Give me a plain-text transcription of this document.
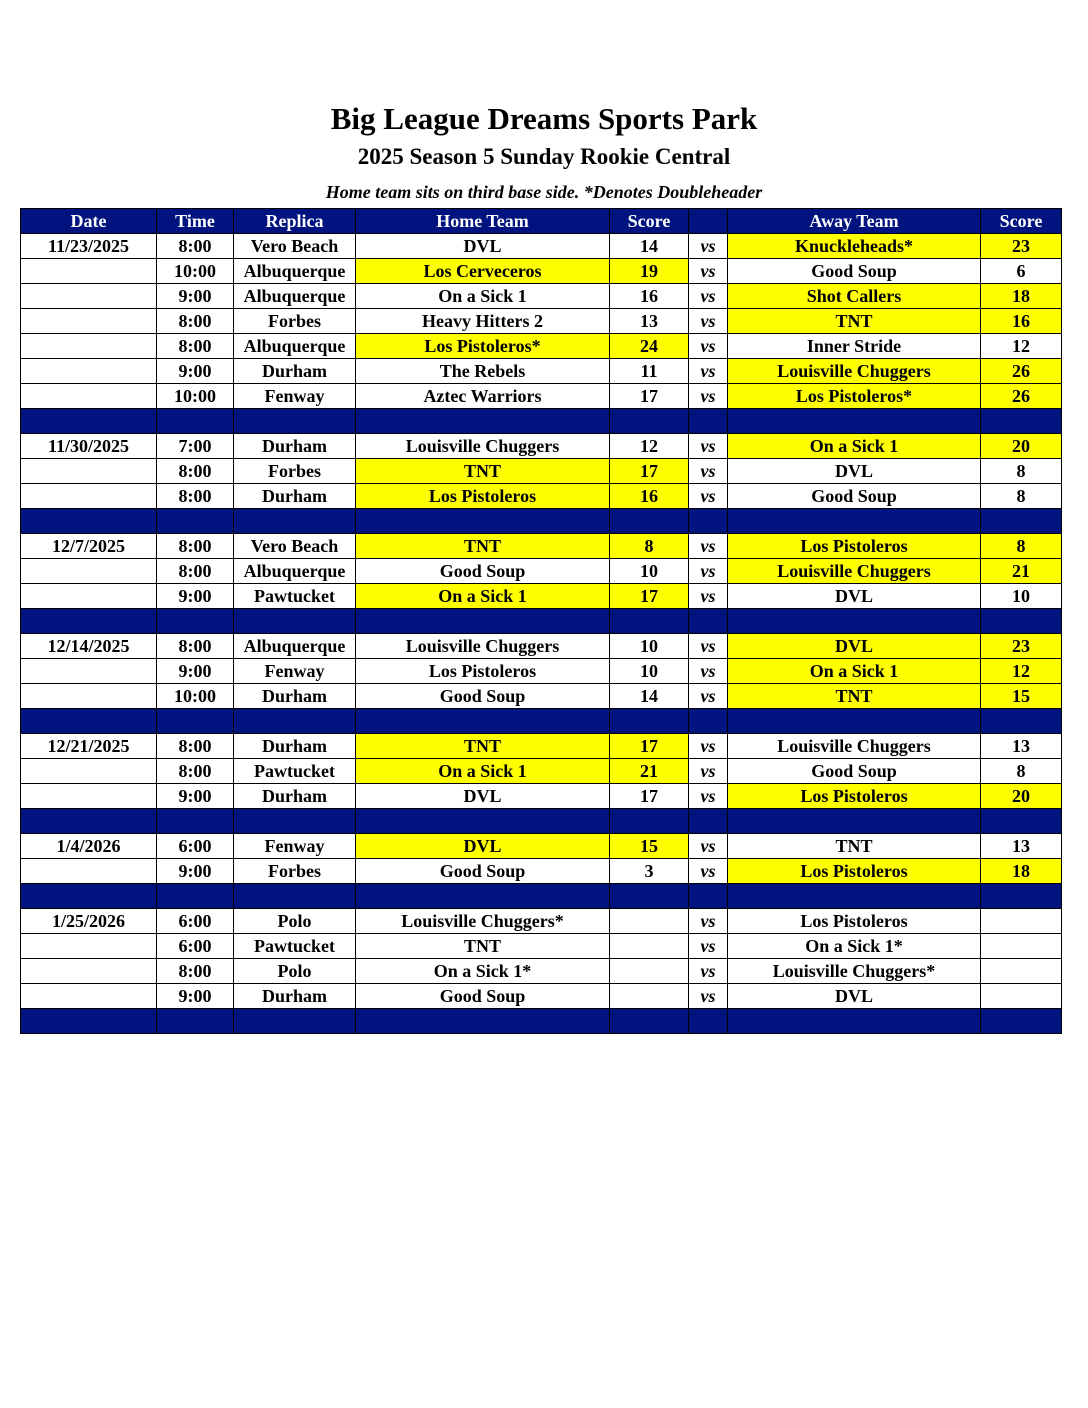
Big League Dreams Sports Park
2025 Season 5 Sunday Rookie Central
Home team sits on third base side. *Denotes Doubleheader
Date	Time	Replica	Home Team	Score		Away Team	Score
11/23/2025	8:00	Vero Beach	DVL	14	vs	Knuckleheads*	23
	10:00	Albuquerque	Los Cerveceros	19	vs	Good Soup	6
	9:00	Albuquerque	On a Sick 1	16	vs	Shot Callers	18
	8:00	Forbes	Heavy Hitters 2	13	vs	TNT	16
	8:00	Albuquerque	Los Pistoleros*	24	vs	Inner Stride	12
	9:00	Durham	The Rebels	11	vs	Louisville Chuggers	26
	10:00	Fenway	Aztec Warriors	17	vs	Los Pistoleros*	26

11/30/2025	7:00	Durham	Louisville Chuggers	12	vs	On a Sick 1	20
	8:00	Forbes	TNT	17	vs	DVL	8
	8:00	Durham	Los Pistoleros	16	vs	Good Soup	8

12/7/2025	8:00	Vero Beach	TNT	8	vs	Los Pistoleros	8
	8:00	Albuquerque	Good Soup	10	vs	Louisville Chuggers	21
	9:00	Pawtucket	On a Sick 1	17	vs	DVL	10

12/14/2025	8:00	Albuquerque	Louisville Chuggers	10	vs	DVL	23
	9:00	Fenway	Los Pistoleros	10	vs	On a Sick 1	12
	10:00	Durham	Good Soup	14	vs	TNT	15

12/21/2025	8:00	Durham	TNT	17	vs	Louisville Chuggers	13
	8:00	Pawtucket	On a Sick 1	21	vs	Good Soup	8
	9:00	Durham	DVL	17	vs	Los Pistoleros	20

1/4/2026	6:00	Fenway	DVL	15	vs	TNT	13
	9:00	Forbes	Good Soup	3	vs	Los Pistoleros	18

1/25/2026	6:00	Polo	Louisville Chuggers*		vs	Los Pistoleros	
	6:00	Pawtucket	TNT		vs	On a Sick 1*	
	8:00	Polo	On a Sick 1*		vs	Louisville Chuggers*	
	9:00	Durham	Good Soup		vs	DVL	
